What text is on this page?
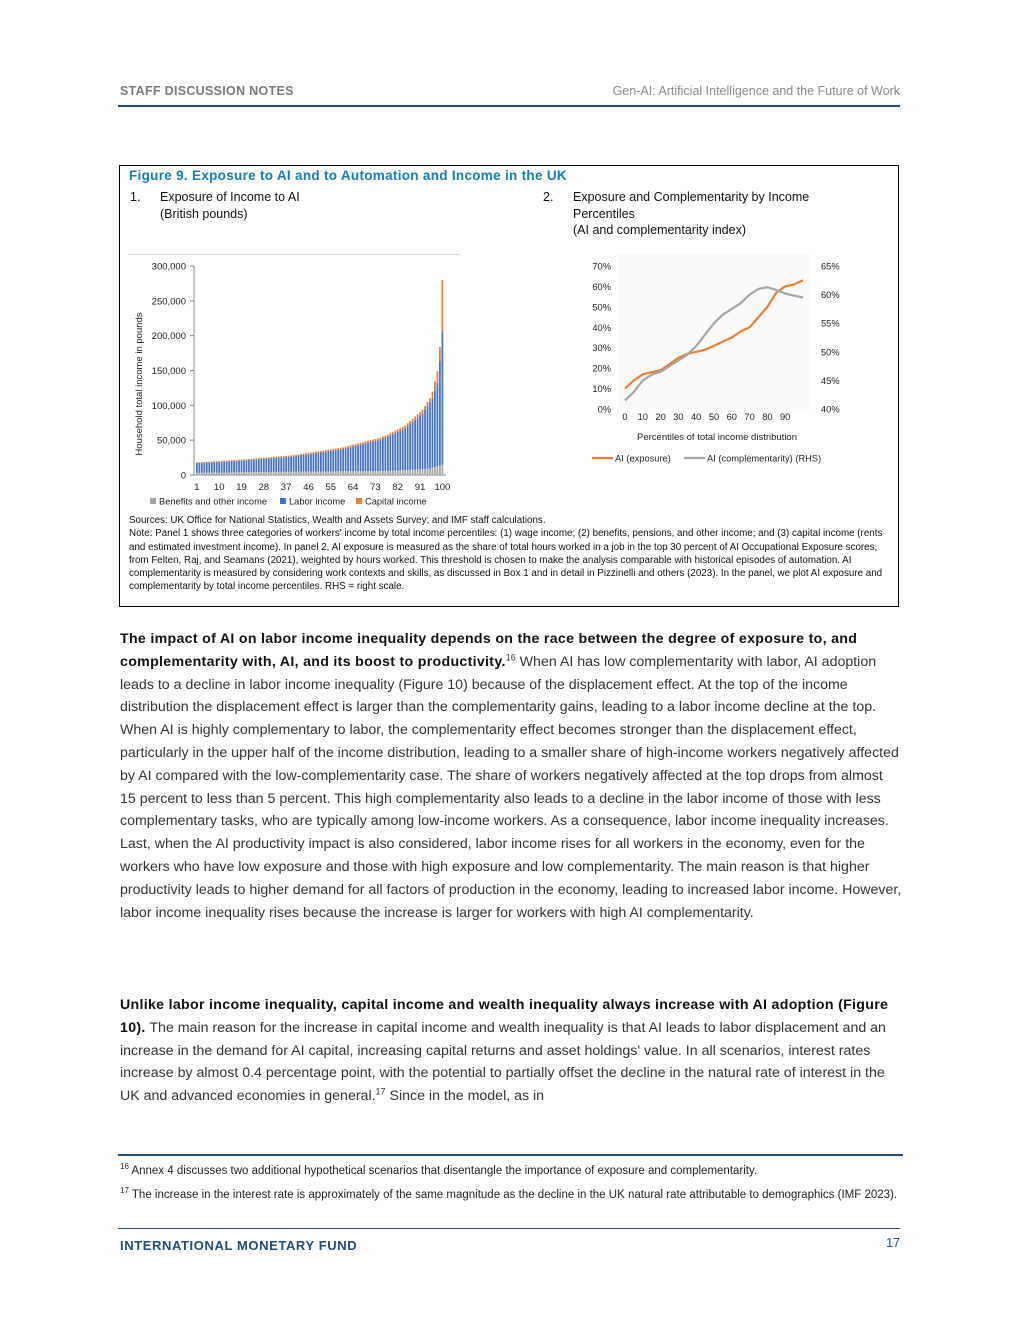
STAFF DISCUSSION NOTES	Gen-AI: Artificial Intelligence and the Future of Work
Figure 9. Exposure to AI and to Automation and Income in the UK
1. Exposure of Income to AI
(British pounds)
2. Exposure and Complementarity by Income
Percentiles
(AI and complementarity index)
Household total income in pounds
0
50,000
100,000
150,000
200,000
250,000
300,000
1 10 19 28 37 46 55 64 73 82 91 100
Benefits and other income Labor income Capital income
0%
10%
20%
30%
40%
50%
60%
70%
40%
45%
50%
55%
60%
65%
0 10 20 30 40 50 60 70 80 90
Percentiles of total income distribution
AI (exposure)	AI (complementarity) (RHS)
Sources: UK Office for National Statistics, Wealth and Assets Survey; and IMF staff calculations.
Note: Panel 1 shows three categories of workers' income by total income percentiles: (1) wage income; (2) benefits, pensions, and other income; and (3) capital income (rents and estimated investment income). In panel 2, AI exposure is measured as the share of total hours worked in a job in the top 30 percent of AI Occupational Exposure scores, from Felten, Raj, and Seamans (2021), weighted by hours worked. This threshold is chosen to make the analysis comparable with historical episodes of automation. AI complementarity is measured by considering work contexts and skills, as discussed in Box 1 and in detail in Pizzinelli and others (2023). In the panel, we plot AI exposure and complementarity by total income percentiles. RHS = right scale.
The impact of AI on labor income inequality depends on the race between the degree of exposure to, and complementarity with, AI, and its boost to productivity.$^{16}$ When AI has low complementarity with labor, AI adoption leads to a decline in labor income inequality (Figure 10) because of the displacement effect. At the top of the income distribution the displacement effect is larger than the complementarity gains, leading to a labor income decline at the top. When AI is highly complementary to labor, the complementarity effect becomes stronger than the displacement effect, particularly in the upper half of the income distribution, leading to a smaller share of high-income workers negatively affected by AI compared with the low-complementarity case. The share of workers negatively affected at the top drops from almost 15 percent to less than 5 percent. This high complementarity also leads to a decline in the labor income of those with less complementary tasks, who are typically among low-income workers. As a consequence, labor income inequality increases. Last, when the AI productivity impact is also considered, labor income rises for all workers in the economy, even for the workers who have low exposure and those with high exposure and low complementarity. The main reason is that higher productivity leads to higher demand for all factors of production in the economy, leading to increased labor income. However, labor income inequality rises because the increase is larger for workers with high AI complementarity.
Unlike labor income inequality, capital income and wealth inequality always increase with AI adoption (Figure 10). The main reason for the increase in capital income and wealth inequality is that AI leads to labor displacement and an increase in the demand for AI capital, increasing capital returns and asset holdings' value. In all scenarios, interest rates increase by almost 0.4 percentage point, with the potential to partially offset the decline in the natural rate of interest in the UK and advanced economies in general.$^{17}$ Since in the model, as in
$^{16}$ Annex 4 discusses two additional hypothetical scenarios that disentangle the importance of exposure and complementarity.
$^{17}$ The increase in the interest rate is approximately of the same magnitude as the decline in the UK natural rate attributable to demographics (IMF 2023).
INTERNATIONAL MONETARY FUND	17
